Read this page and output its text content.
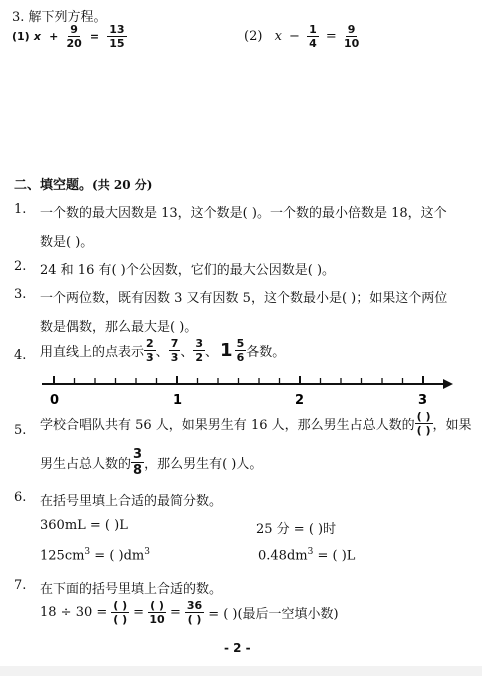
3. 解下列方程。
(1) $x + \frac{9}{20} = \frac{13}{15}$	(2) $x - \frac{1}{4} = \frac{9}{10}$
二、填空题。(共 20 分)
1. 一个数的最大因数是 13，这个数是( )。一个数的最小倍数是 18，这个
数是( )。
2. 24 和 16 有( )个公因数，它们的最大公因数是( )。
3. 一个两位数，既有因数 3 又有因数 5，这个数最小是( )；如果这个两位
数是偶数，那么最大是( )。
4. 用直线上的点表示 $\frac{2}{3}$ 、 $\frac{7}{3}$ 、 $\frac{3}{2}$ 、 $1 \frac{5}{6}$ 各数。
0	1	2	3
5. 学校合唱队共有 56 人，如果男生有 16 人，那么男生占总人数的 $\frac{( )}{( )}$ ，如果
男生占总人数的 $\frac{3}{8}$ ，那么男生有( )人。
6. 在括号里填上合适的最简分数。
360mL = ( )L	25 分 = ( )时
$125cm^3$ = ( )$dm^3$	$0.48dm^3$ = ( )L
7. 在下面的括号里填上合适的数。
$18 \div 30 = \frac{( )}{( )} = \frac{( )}{10} = \frac{36}{( )}$ = ( )(最后一空填小数)
- 2 -
